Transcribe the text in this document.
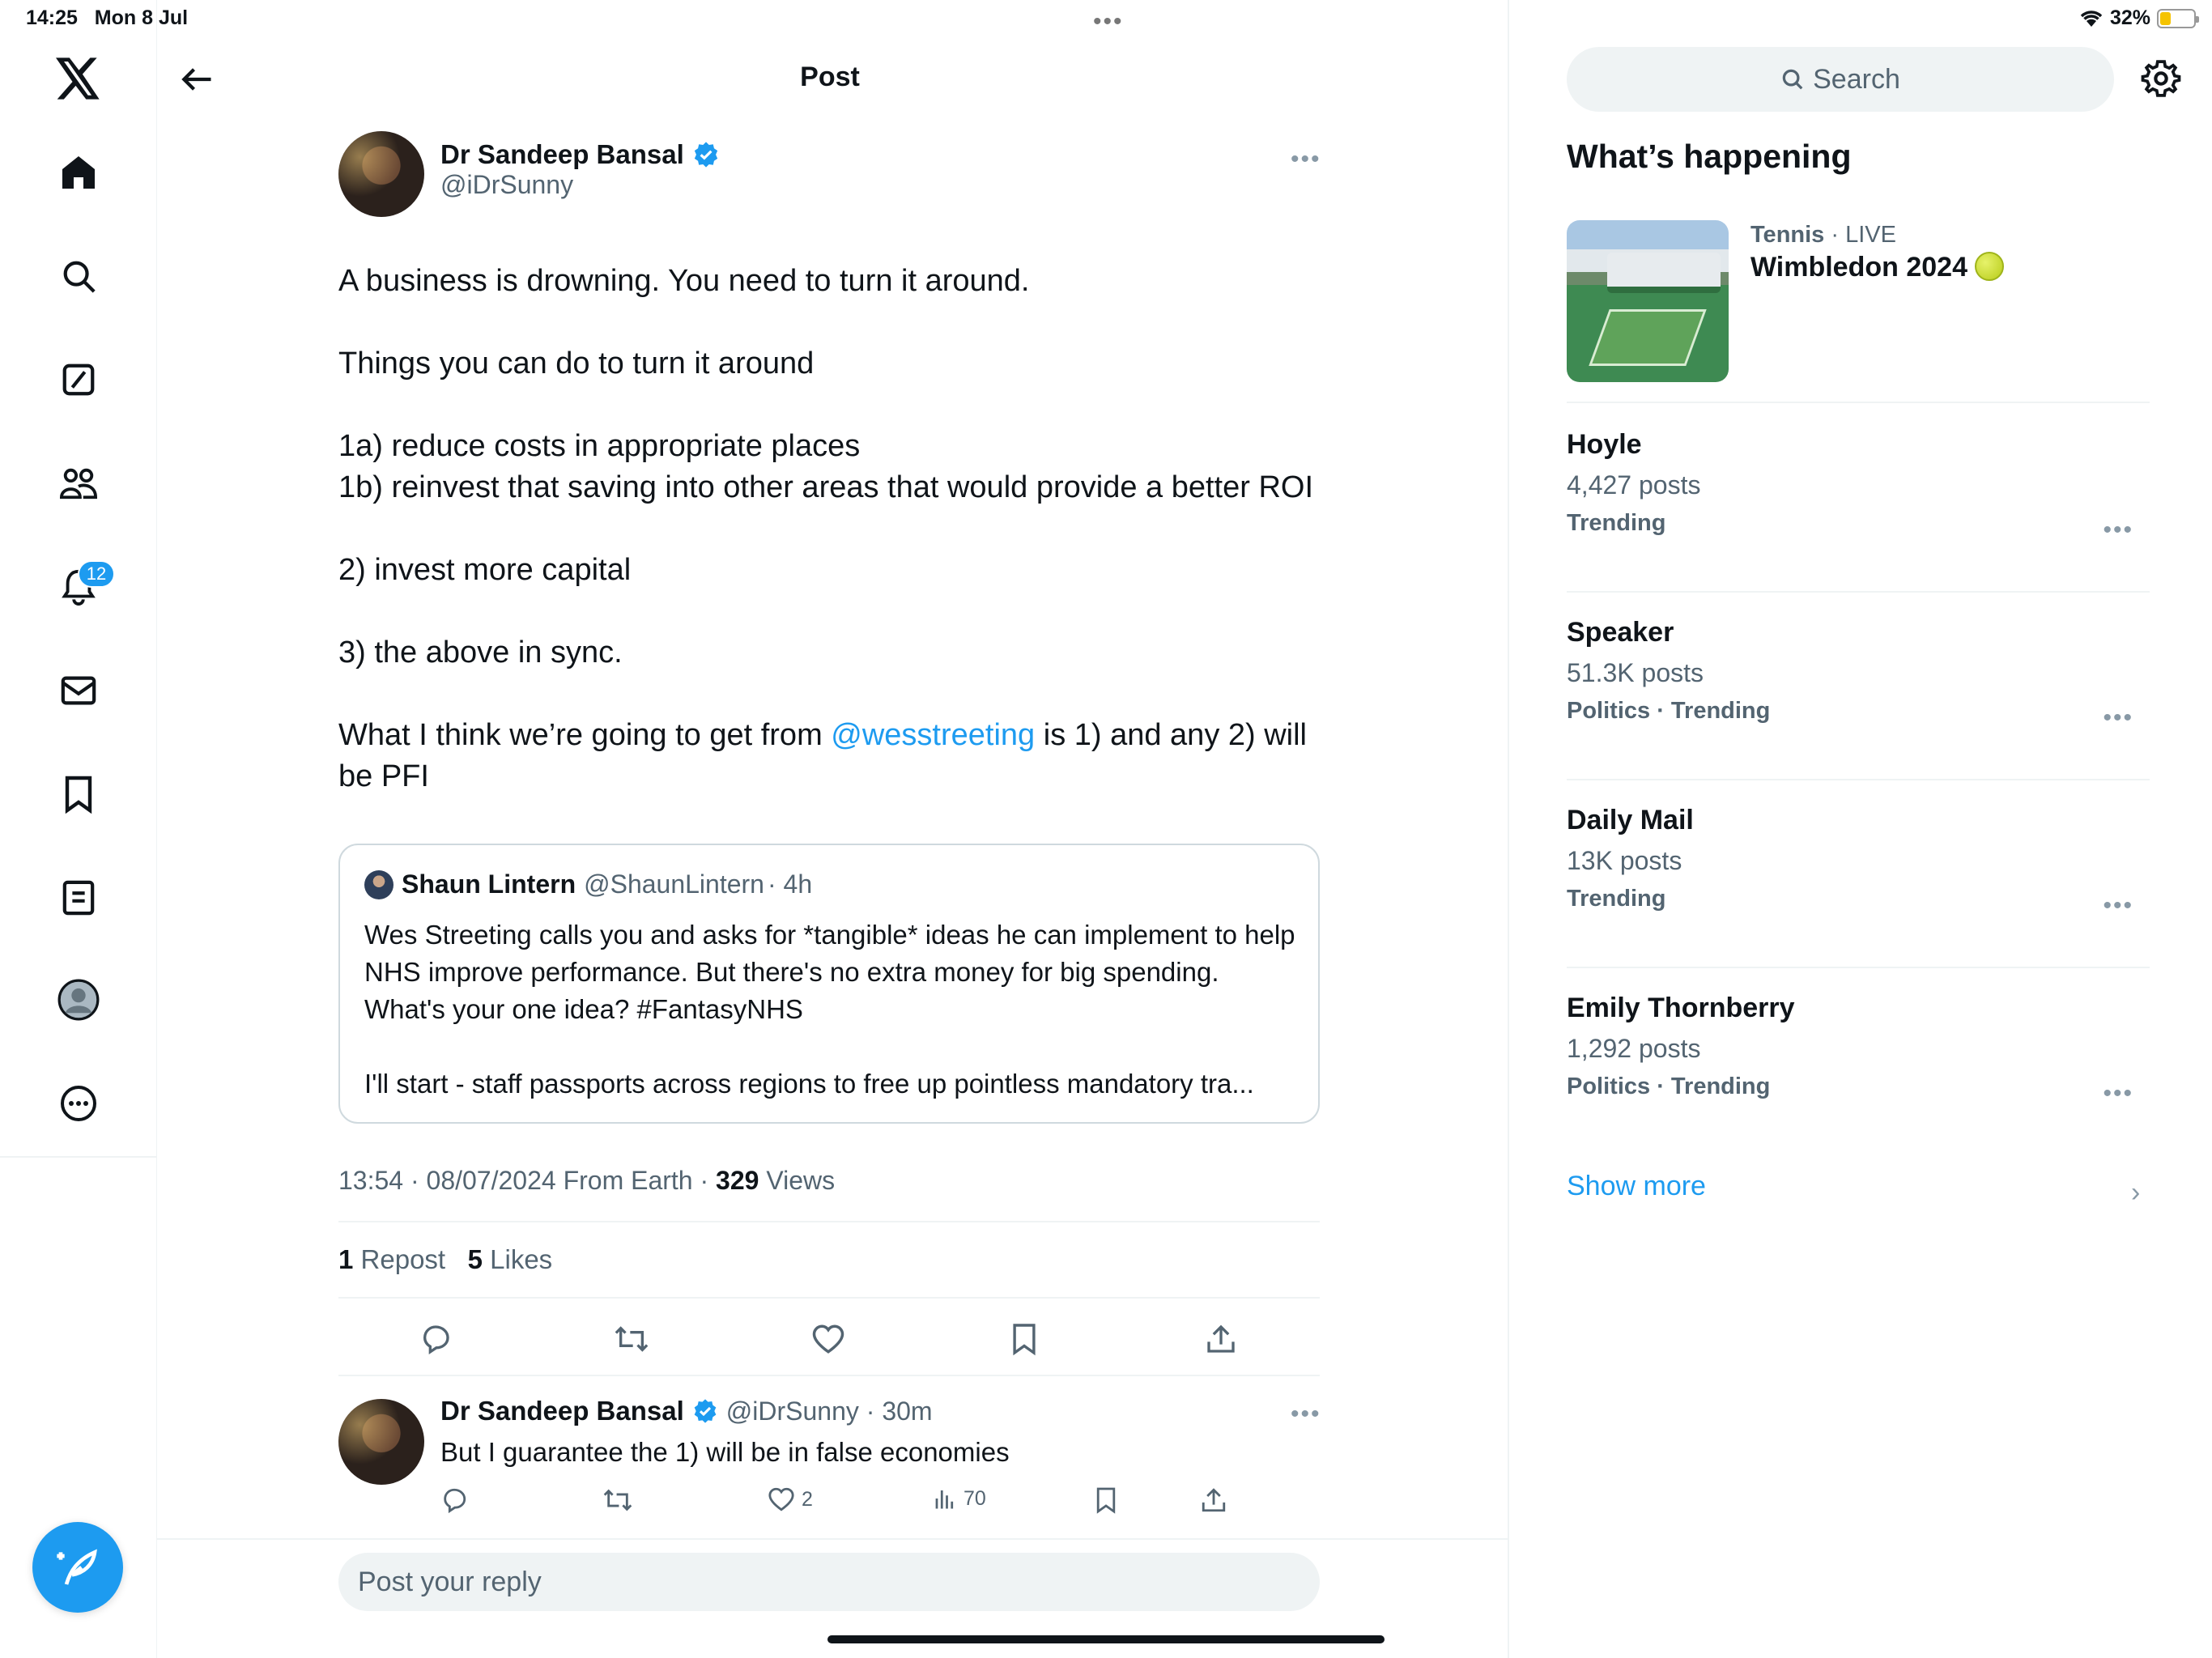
14:25 Mon 8 Jul	•••	32%
12
Post
Dr Sandeep Bansal
@iDrSunny
•••

A business is drowning. You need to turn it around.

Things you can do to turn it around

1a) reduce costs in appropriate places

1b) reinvest that saving into other areas that would provide a better ROI

2) invest more capital

3) the above in sync.

What I think we’re going to get from @wesstreeting is 1) and any 2) will be PFI

Shaun Lintern @ShaunLintern · 4h

Wes Streeting calls you and asks for *tangible* ideas he can implement to help NHS improve performance. But there's no extra money for big spending. What's your one idea? #FantasyNHS

I'll start - staff passports across regions to free up pointless mandatory tra...

13:54 · 08/07/2024 From Earth · 329 Views
1 Repost 5 Likes
Dr Sandeep Bansal @iDrSunny · 30m	•••
But I guarantee the 1) will be in false economies
2	70
Post your reply
Search
What’s happening
Tennis · LIVE
Wimbledon 2024
Hoyle
4,427 posts
Trending	•••
Speaker
51.3K posts
Politics · Trending	•••
Daily Mail
13K posts
Trending	•••
Emily Thornberry
1,292 posts
Politics · Trending	•••
Show more	›
